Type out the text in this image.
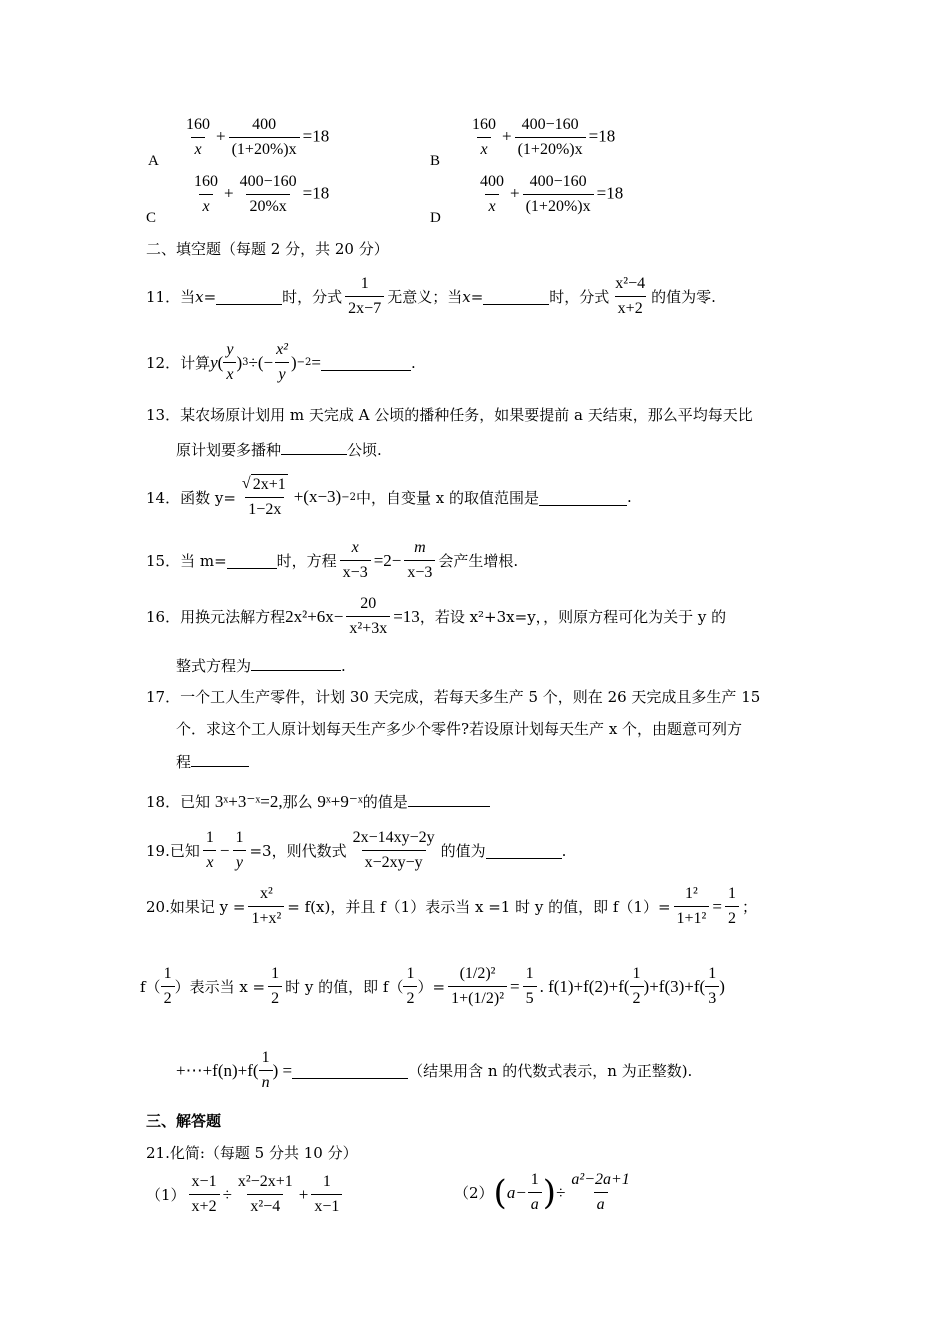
$\frac{160}{x} + \frac{400}{(1+20\%)x} =18$
A
$\frac{160}{x} + \frac{400-160}{(1+20\%)x} =18$
B
$\frac{160}{x} + \frac{400-160}{20\%x} =18$
C
$\frac{400}{x} + \frac{400-160}{(1+20\%)x} =18$
D
二、填空题（每题 2 分，共 20 分）
11． 当 x =	时，分式 $\frac{1}{2x-7}$ 无意义；当 x =	时，分式 $\frac{\text{x²−4}}{x+2}$ 的值为零.
12． 计算 y ( $\frac{y}{x}$ ) 3 ÷(− $\frac{\text{x²}}{y}$ ) −2 =	.
13．某农场原计划用 m 天完成 A 公顷的播种任务，如果要提前 a 天结束，那么平均每天比
原计划要多播种	公顷.
14． 函数 $y= \frac{√ 2x+1}{1-2x} +(x-3) -2$ 中，自变量 x 的取值范围是	.
15． 当 m=	时，方程 $\frac{x}{x-3} =2- \frac{m}{x-3}$ 会产生增根.
16． 用换元法解方程 $2x^2+6x- \frac{20}{\text{x²+3x}} =13$ ，若设 x²+3x=y，，则原方程可化为关于 y 的
整式方程为	.
17．一个工人生产零件，计划 30 天完成，若每天多生产 5 个，则在 26 天完成且多生产 15
个．求这个工人原计划每天生产多少个零件?若设原计划每天生产 x 个，由题意可列方
程
18．已知 3ˣ+3⁻ˣ=2,那么 9ˣ+9⁻ˣ的值是
19. 已知 $\frac{1}{x} - \frac{1}{y} =3$，则代数式 $\frac{2x-14xy-2y}{x-2xy-y}$ 的值为	.
20. 如果记 $y = \frac{\text{x²}}{\text{1+x²}} = f(x)$，并且 f（1）表示当 x =1 时 y 的值，即 $f(1)= \frac{\text{1²}}{\text{1+1²}} = \frac{1}{2}$ ；
$f( \frac{1}{2}$ ）表示当 $x = \frac{1}{2}$ 时 y 的值，即 $f( \frac{1}{2}$ ）= $\frac{\text{(1/2)²}}{\text{1+(1/2)²}} = \frac{1}{5}$ . $f(1)+f(2)+f( \frac{1}{2} )+f(3)+f( \frac{1}{3}$ )
+⋯+f(n)+f( $\frac{1}{n}$ ) =	（结果用含 n 的代数式表示，n 为正整数).
三、解答题
21.化简:（每题 5 分共 10 分）
$(1) \frac{x-1}{x+2} \div \frac{\text{x²−2x+1}}{\text{x²−4}} + \frac{1}{x-1}$	（2） ( $a- \frac{1}{a}$ ) ÷ $\frac{\text{a²−2a+1}}{a}$
